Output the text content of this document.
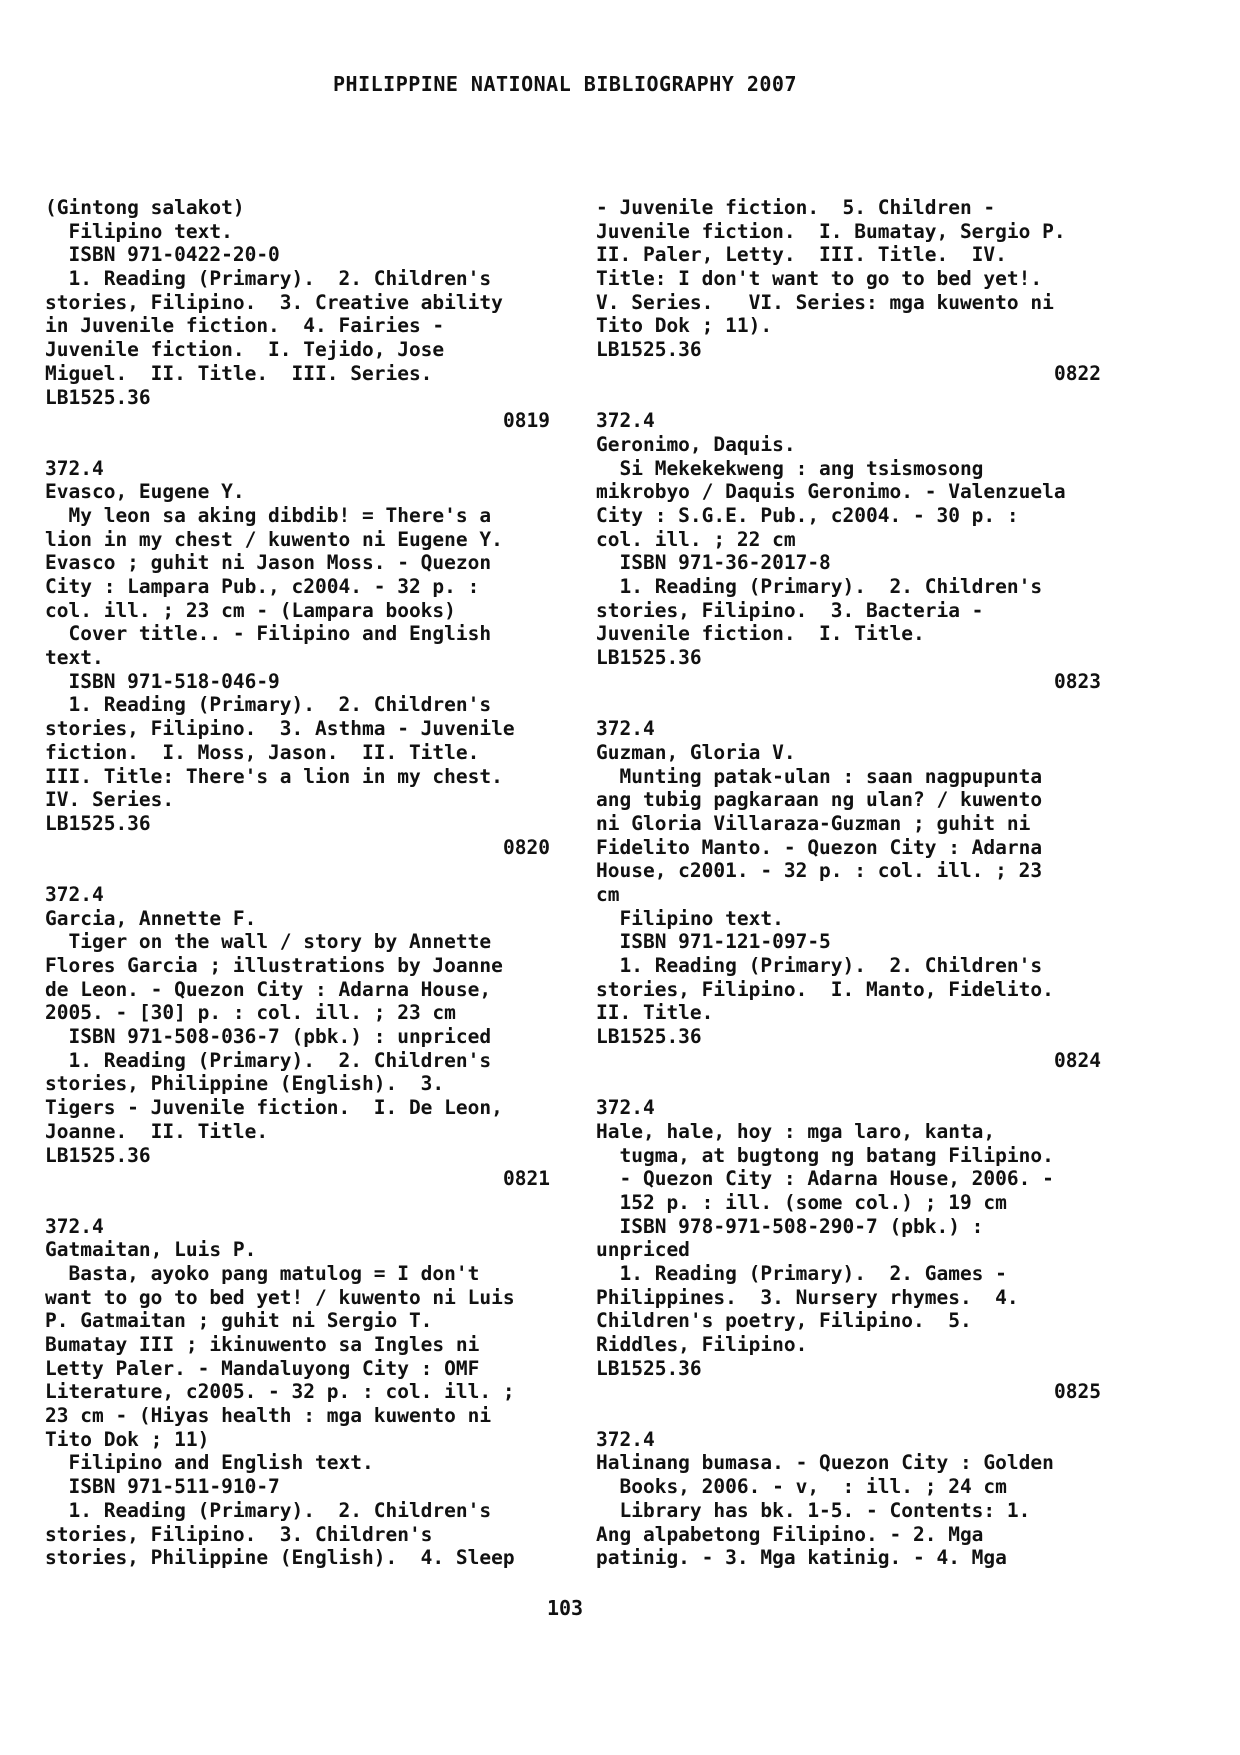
PHILIPPINE NATIONAL BIBLIOGRAPHY 2007
(Gintong salakot)
Filipino text.
ISBN 971-0422-20-0
1. Reading (Primary).  2. Children's
stories, Filipino.  3. Creative ability
in Juvenile fiction.  4. Fairies -
Juvenile fiction.  I. Tejido, Jose
Miguel.  II. Title.  III. Series.
LB1525.36
0819
372.4
Evasco, Eugene Y.
My leon sa aking dibdib! = There's a
lion in my chest / kuwento ni Eugene Y.
Evasco ; guhit ni Jason Moss. - Quezon
City : Lampara Pub., c2004. - 32 p. :
col. ill. ; 23 cm - (Lampara books)
Cover title.. - Filipino and English
text.
ISBN 971-518-046-9
1. Reading (Primary).  2. Children's
stories, Filipino.  3. Asthma - Juvenile
fiction.  I. Moss, Jason.  II. Title.
III. Title: There's a lion in my chest.
IV. Series.
LB1525.36
0820
372.4
Garcia, Annette F.
Tiger on the wall / story by Annette
Flores Garcia ; illustrations by Joanne
de Leon. - Quezon City : Adarna House,
2005. - [30] p. : col. ill. ; 23 cm
ISBN 971-508-036-7 (pbk.) : unpriced
1. Reading (Primary).  2. Children's
stories, Philippine (English).  3.
Tigers - Juvenile fiction.  I. De Leon,
Joanne.  II. Title.
LB1525.36
0821
372.4
Gatmaitan, Luis P.
Basta, ayoko pang matulog = I don't
want to go to bed yet! / kuwento ni Luis
P. Gatmaitan ; guhit ni Sergio T.
Bumatay III ; ikinuwento sa Ingles ni
Letty Paler. - Mandaluyong City : OMF
Literature, c2005. - 32 p. : col. ill. ;
23 cm - (Hiyas health : mga kuwento ni
Tito Dok ; 11)
Filipino and English text.
ISBN 971-511-910-7
1. Reading (Primary).  2. Children's
stories, Filipino.  3. Children's
stories, Philippine (English).  4. Sleep
- Juvenile fiction.  5. Children -
Juvenile fiction.  I. Bumatay, Sergio P.
II. Paler, Letty.  III. Title.  IV.
Title: I don't want to go to bed yet!.
V. Series.   VI. Series: mga kuwento ni
Tito Dok ; 11).
LB1525.36
0822
372.4
Geronimo, Daquis.
Si Mekekekweng : ang tsismosong
mikrobyo / Daquis Geronimo. - Valenzuela
City : S.G.E. Pub., c2004. - 30 p. :
col. ill. ; 22 cm
ISBN 971-36-2017-8
1. Reading (Primary).  2. Children's
stories, Filipino.  3. Bacteria -
Juvenile fiction.  I. Title.
LB1525.36
0823
372.4
Guzman, Gloria V.
Munting patak-ulan : saan nagpupunta
ang tubig pagkaraan ng ulan? / kuwento
ni Gloria Villaraza-Guzman ; guhit ni
Fidelito Manto. - Quezon City : Adarna
House, c2001. - 32 p. : col. ill. ; 23
cm
Filipino text.
ISBN 971-121-097-5
1. Reading (Primary).  2. Children's
stories, Filipino.  I. Manto, Fidelito.
II. Title.
LB1525.36
0824
372.4
Hale, hale, hoy : mga laro, kanta,
tugma, at bugtong ng batang Filipino.
- Quezon City : Adarna House, 2006. -
152 p. : ill. (some col.) ; 19 cm
ISBN 978-971-508-290-7 (pbk.) :
unpriced
1. Reading (Primary).  2. Games -
Philippines.  3. Nursery rhymes.  4.
Children's poetry, Filipino.  5.
Riddles, Filipino.
LB1525.36
0825
372.4
Halinang bumasa. - Quezon City : Golden
Books, 2006. - v,  : ill. ; 24 cm
Library has bk. 1-5. - Contents: 1.
Ang alpabetong Filipino. - 2. Mga
patinig. - 3. Mga katinig. - 4. Mga
103
